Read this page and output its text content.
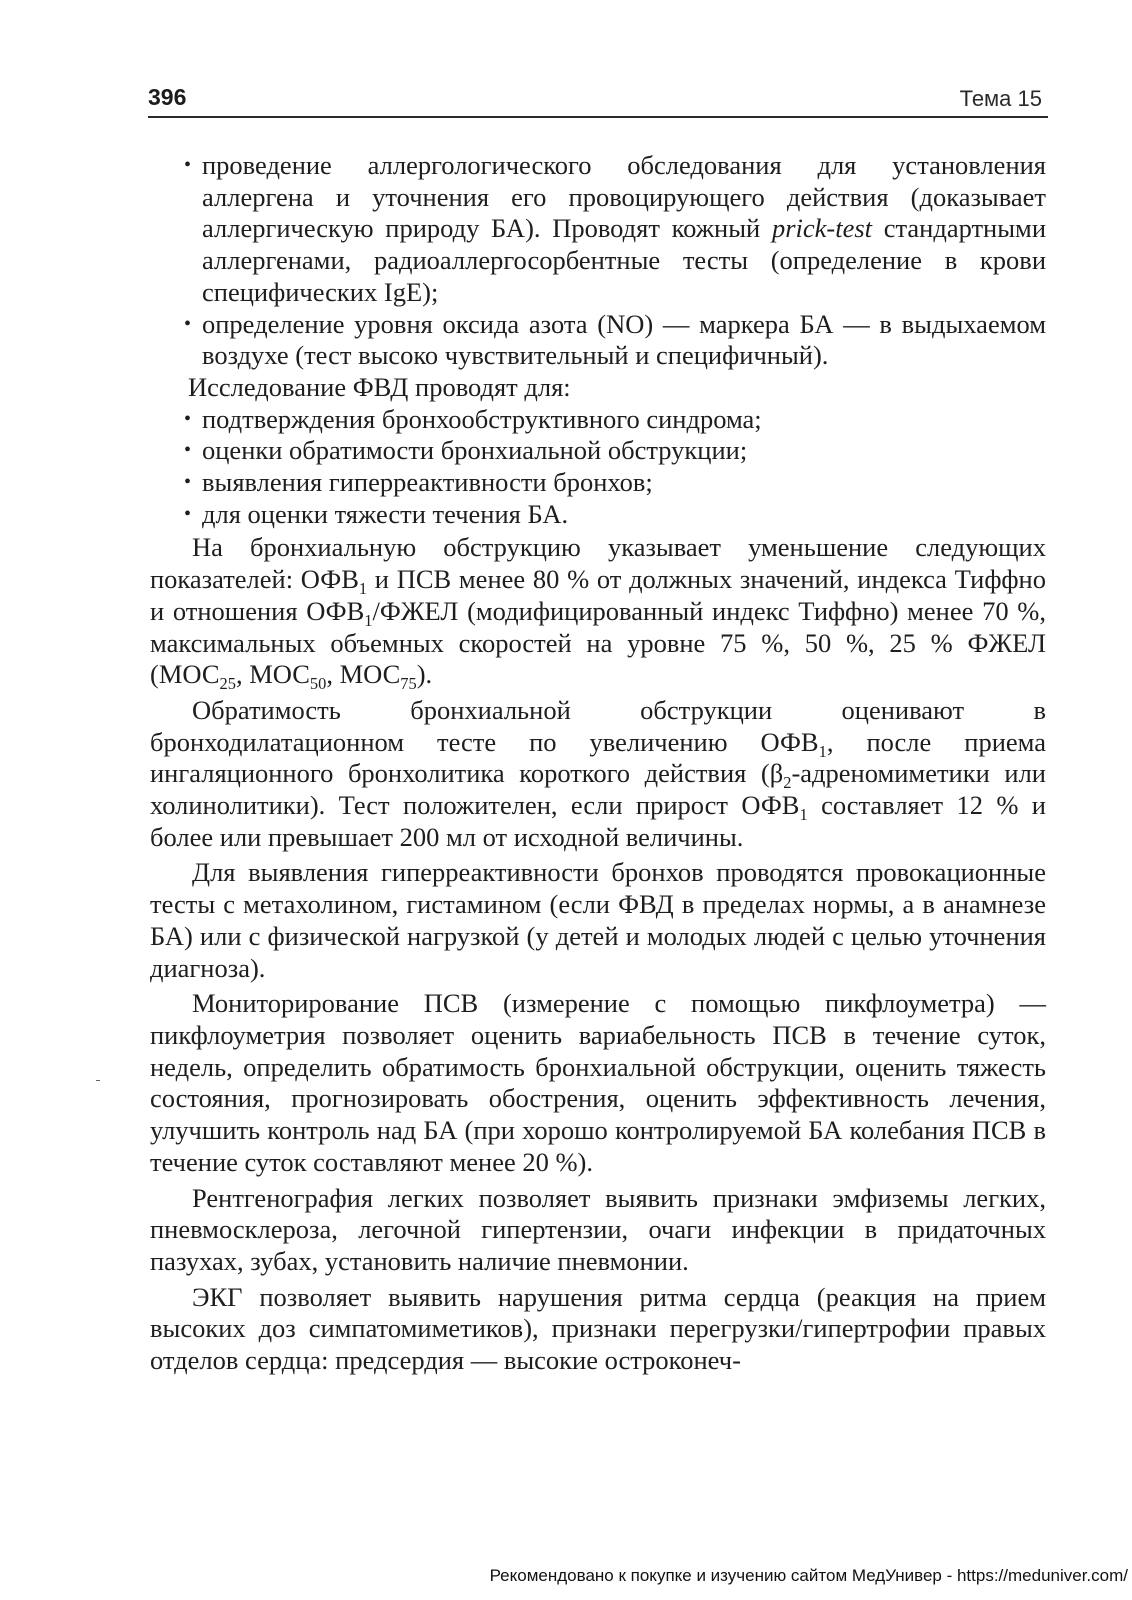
396	Тема 15
• проведение аллергологического обследования для установления аллергена и уточнения его провоцирующего действия (доказывает аллергическую природу БА). Проводят кожный prick-test стандартными аллергенами, радиоаллергосорбентные тесты (определение в крови специфических IgE);
• определение уровня оксида азота (NO) — маркера БА — в выдыхаемом воздухе (тест высоко чувствительный и специфичный).

Исследование ФВД проводят для:

• подтверждения бронхообструктивного синдрома;
• оценки обратимости бронхиальной обструкции;
• выявления гиперреактивности бронхов;
• для оценки тяжести течения БА.

На бронхиальную обструкцию указывает уменьшение следующих показателей: $ОФВ_1$ и ПСВ менее 80 % от должных значений, индекса Тиффно и отношения $ОФВ_1$/ФЖЕЛ (модифицированный индекс Тиффно) менее 70 %, максимальных объемных скоростей на уровне 75 %, 50 %, 25 % ФЖЕЛ ($МОС_{25}$, $МОС_{50}$, $МОС_{75}$).

Обратимость бронхиальной обструкции оценивают в бронходилатационном тесте по увеличению $ОФВ_1$, после приема ингаляционного бронхолитика короткого действия ($\beta_2$-адреномиметики или холинолитики). Тест положителен, если прирост $ОФВ_1$ составляет 12 % и более или превышает 200 мл от исходной величины.

Для выявления гиперреактивности бронхов проводятся провокационные тесты с метахолином, гистамином (если ФВД в пределах нормы, а в анамнезе БА) или с физической нагрузкой (у детей и молодых людей с целью уточнения диагноза).

Мониторирование ПСВ (измерение с помощью пикфлоуметра) — пикфлоуметрия позволяет оценить вариабельность ПСВ в течение суток, недель, определить обратимость бронхиальной обструкции, оценить тяжесть состояния, прогнозировать обострения, оценить эффективность лечения, улучшить контроль над БА (при хорошо контролируемой БА колебания ПСВ в течение суток составляют менее 20 %).

Рентгенография легких позволяет выявить признаки эмфиземы легких, пневмосклероза, легочной гипертензии, очаги инфекции в придаточных пазухах, зубах, установить наличие пневмонии.

ЭКГ позволяет выявить нарушения ритма сердца (реакция на прием высоких доз симпатомиметиков), признаки перегрузки/гипертрофии правых отделов сердца: предсердия — высокие остроконеч-

Рекомендовано к покупке и изучению сайтом МедУнивер - https://meduniver.com/
